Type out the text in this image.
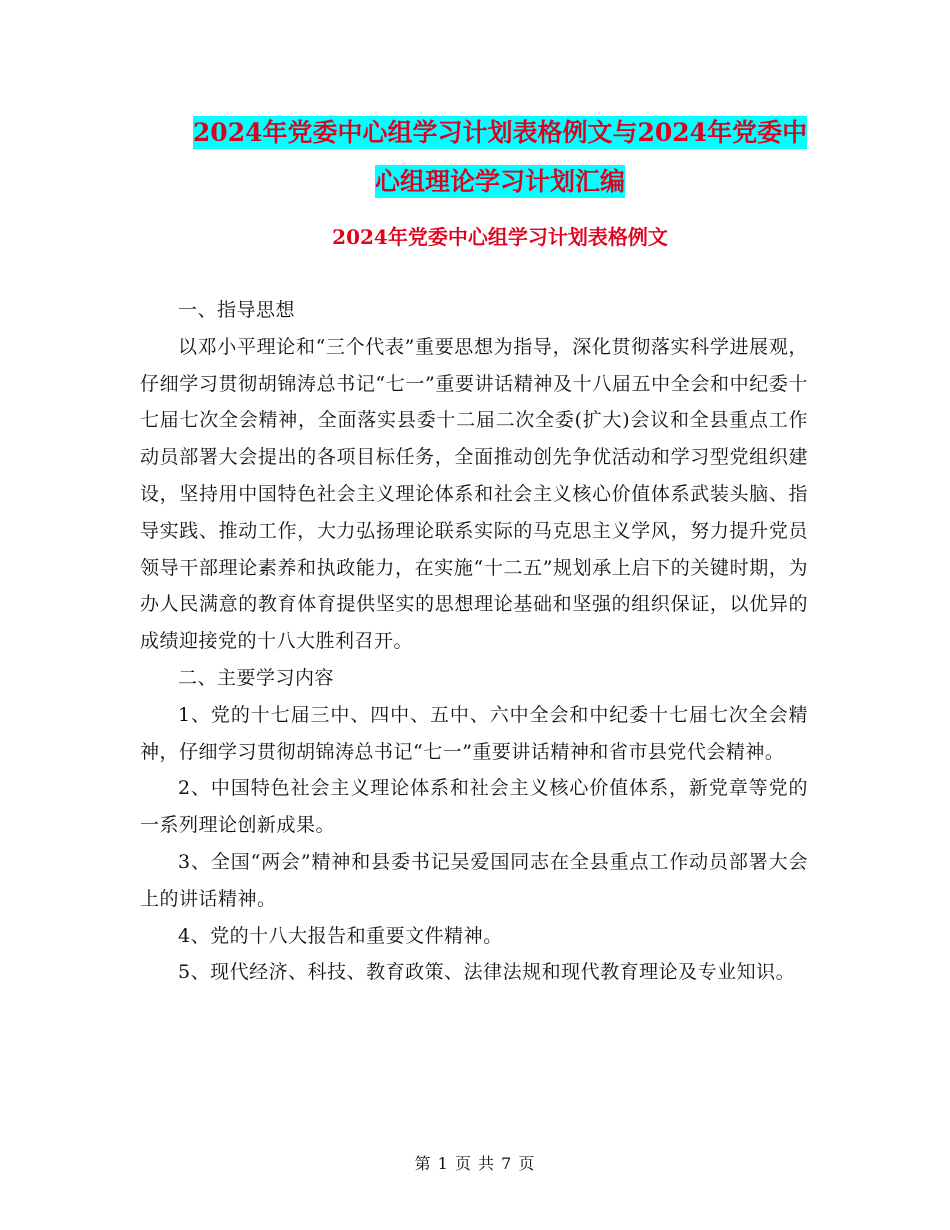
2024年党委中心组学习计划表格例文与2024年党委中
心组理论学习计划汇编
2024年党委中心组学习计划表格例文

一、指导思想

以邓小平理论和“三个代表”重要思想为指导，深化贯彻落实科学进展观，仔细学习贯彻胡锦涛总书记“七一”重要讲话精神及十八届五中全会和中纪委十七届七次全会精神，全面落实县委十二届二次全委(扩大)会议和全县重点工作动员部署大会提出的各项目标任务，全面推动创先争优活动和学习型党组织建设，坚持用中国特色社会主义理论体系和社会主义核心价值体系武装头脑、指导实践、推动工作，大力弘扬理论联系实际的马克思主义学风，努力提升党员领导干部理论素养和执政能力，在实施“十二五”规划承上启下的关键时期，为办人民满意的教育体育提供坚实的思想理论基础和坚强的组织保证，以优异的成绩迎接党的十八大胜利召开。

二、主要学习内容

1、党的十七届三中、四中、五中、六中全会和中纪委十七届七次全会精神，仔细学习贯彻胡锦涛总书记“七一”重要讲话精神和省市县党代会精神。

2、中国特色社会主义理论体系和社会主义核心价值体系，新党章等党的一系列理论创新成果。

3、全国“两会”精神和县委书记吴爱国同志在全县重点工作动员部署大会上的讲话精神。

4、党的十八大报告和重要文件精神。

5、现代经济、科技、教育政策、法律法规和现代教育理论及专业知识。

第 1 页 共 7 页
